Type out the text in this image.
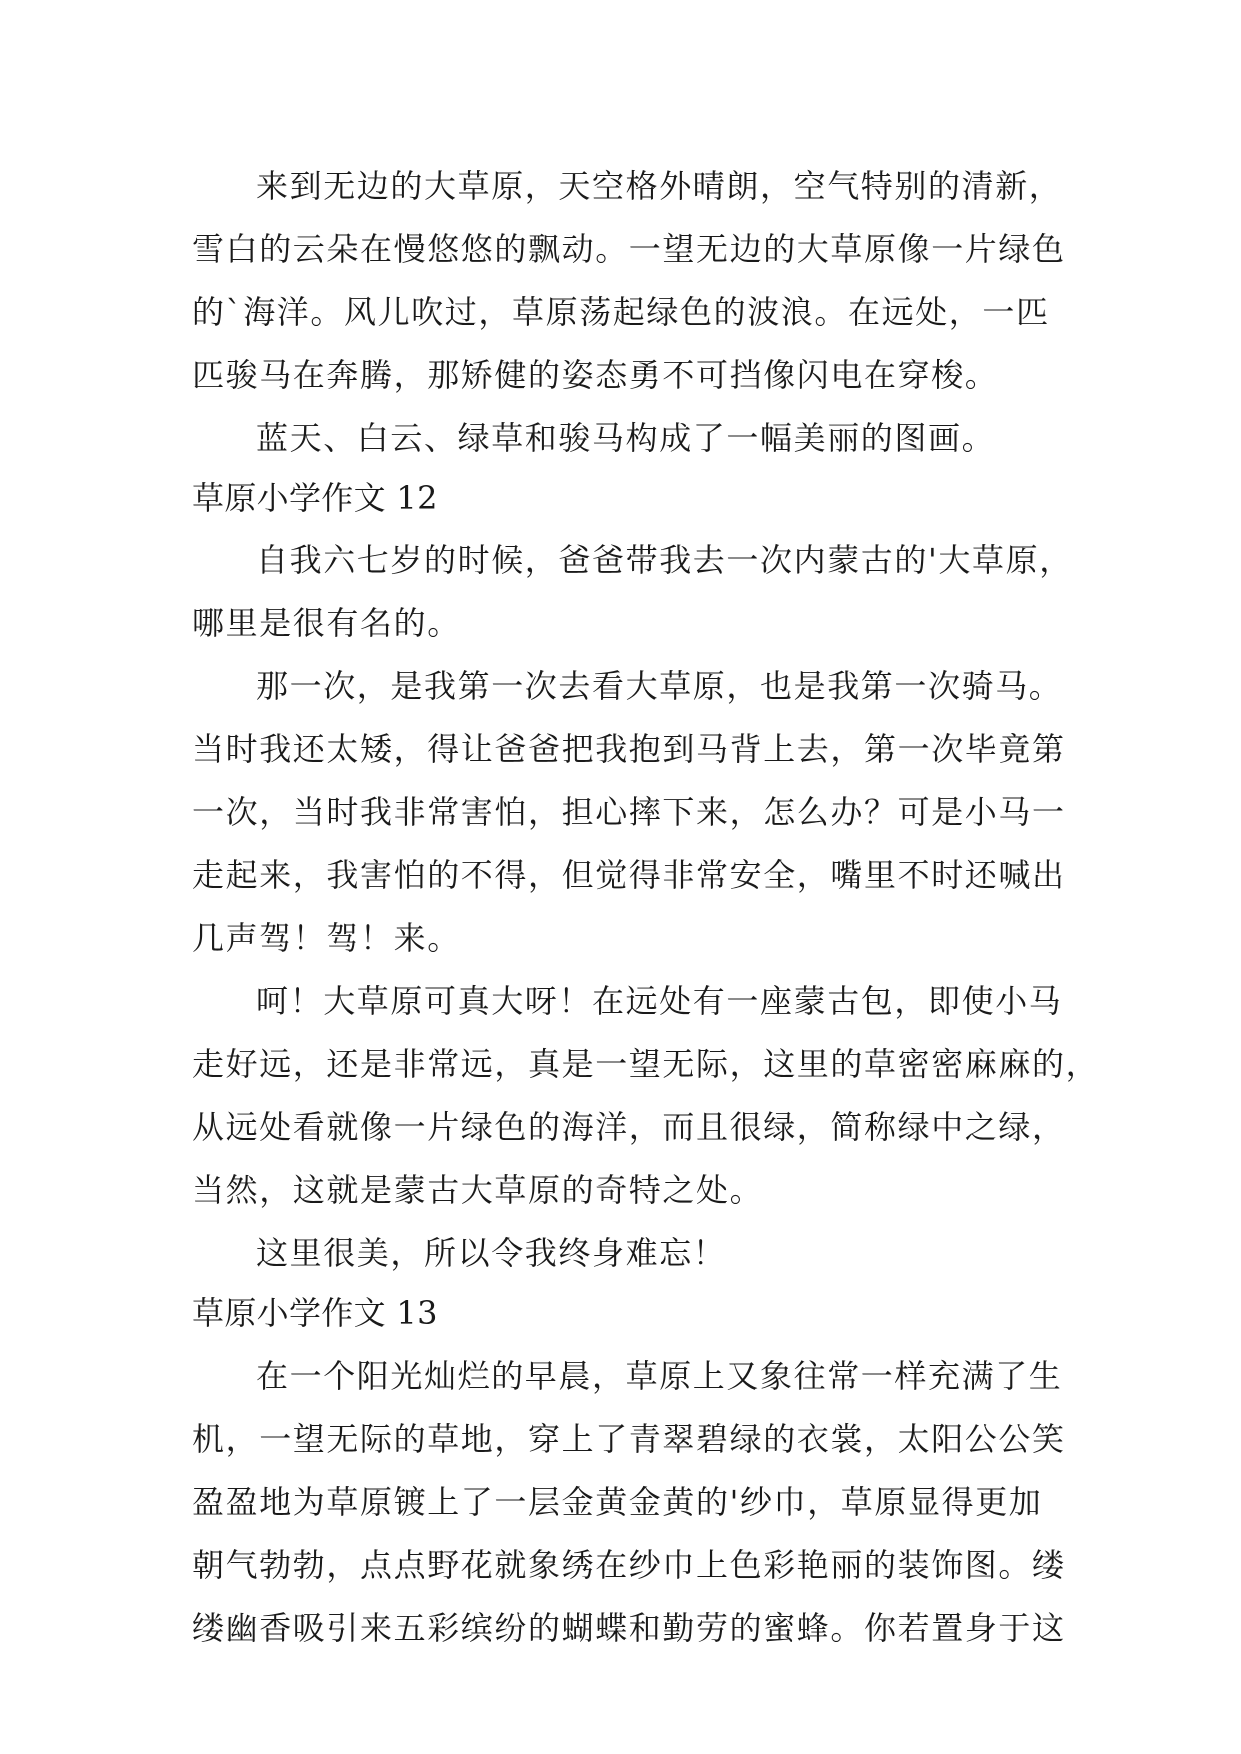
来到无边的大草原，天空格外晴朗，空气特别的清新，
雪白的云朵在慢悠悠的飘动。一望无边的大草原像一片绿色
的`海洋。风儿吹过，草原荡起绿色的波浪。在远处，一匹
匹骏马在奔腾，那矫健的姿态勇不可挡像闪电在穿梭。
蓝天、白云、绿草和骏马构成了一幅美丽的图画。
草原小学作文 12
自我六七岁的时候，爸爸带我去一次内蒙古的'大草原，
哪里是很有名的。
那一次，是我第一次去看大草原，也是我第一次骑马。
当时我还太矮，得让爸爸把我抱到马背上去，第一次毕竟第
一次，当时我非常害怕，担心摔下来，怎么办？可是小马一
走起来，我害怕的不得，但觉得非常安全，嘴里不时还喊出
几声驾！驾！来。
呵！大草原可真大呀！在远处有一座蒙古包，即使小马
走好远，还是非常远，真是一望无际，这里的草密密麻麻的，
从远处看就像一片绿色的海洋，而且很绿，简称绿中之绿，
当然，这就是蒙古大草原的奇特之处。
这里很美，所以令我终身难忘！
草原小学作文 13
在一个阳光灿烂的早晨，草原上又象往常一样充满了生
机，一望无际的草地，穿上了青翠碧绿的衣裳，太阳公公笑
盈盈地为草原镀上了一层金黄金黄的'纱巾，草原显得更加
朝气勃勃，点点野花就象绣在纱巾上色彩艳丽的装饰图。缕
缕幽香吸引来五彩缤纷的蝴蝶和勤劳的蜜蜂。你若置身于这
